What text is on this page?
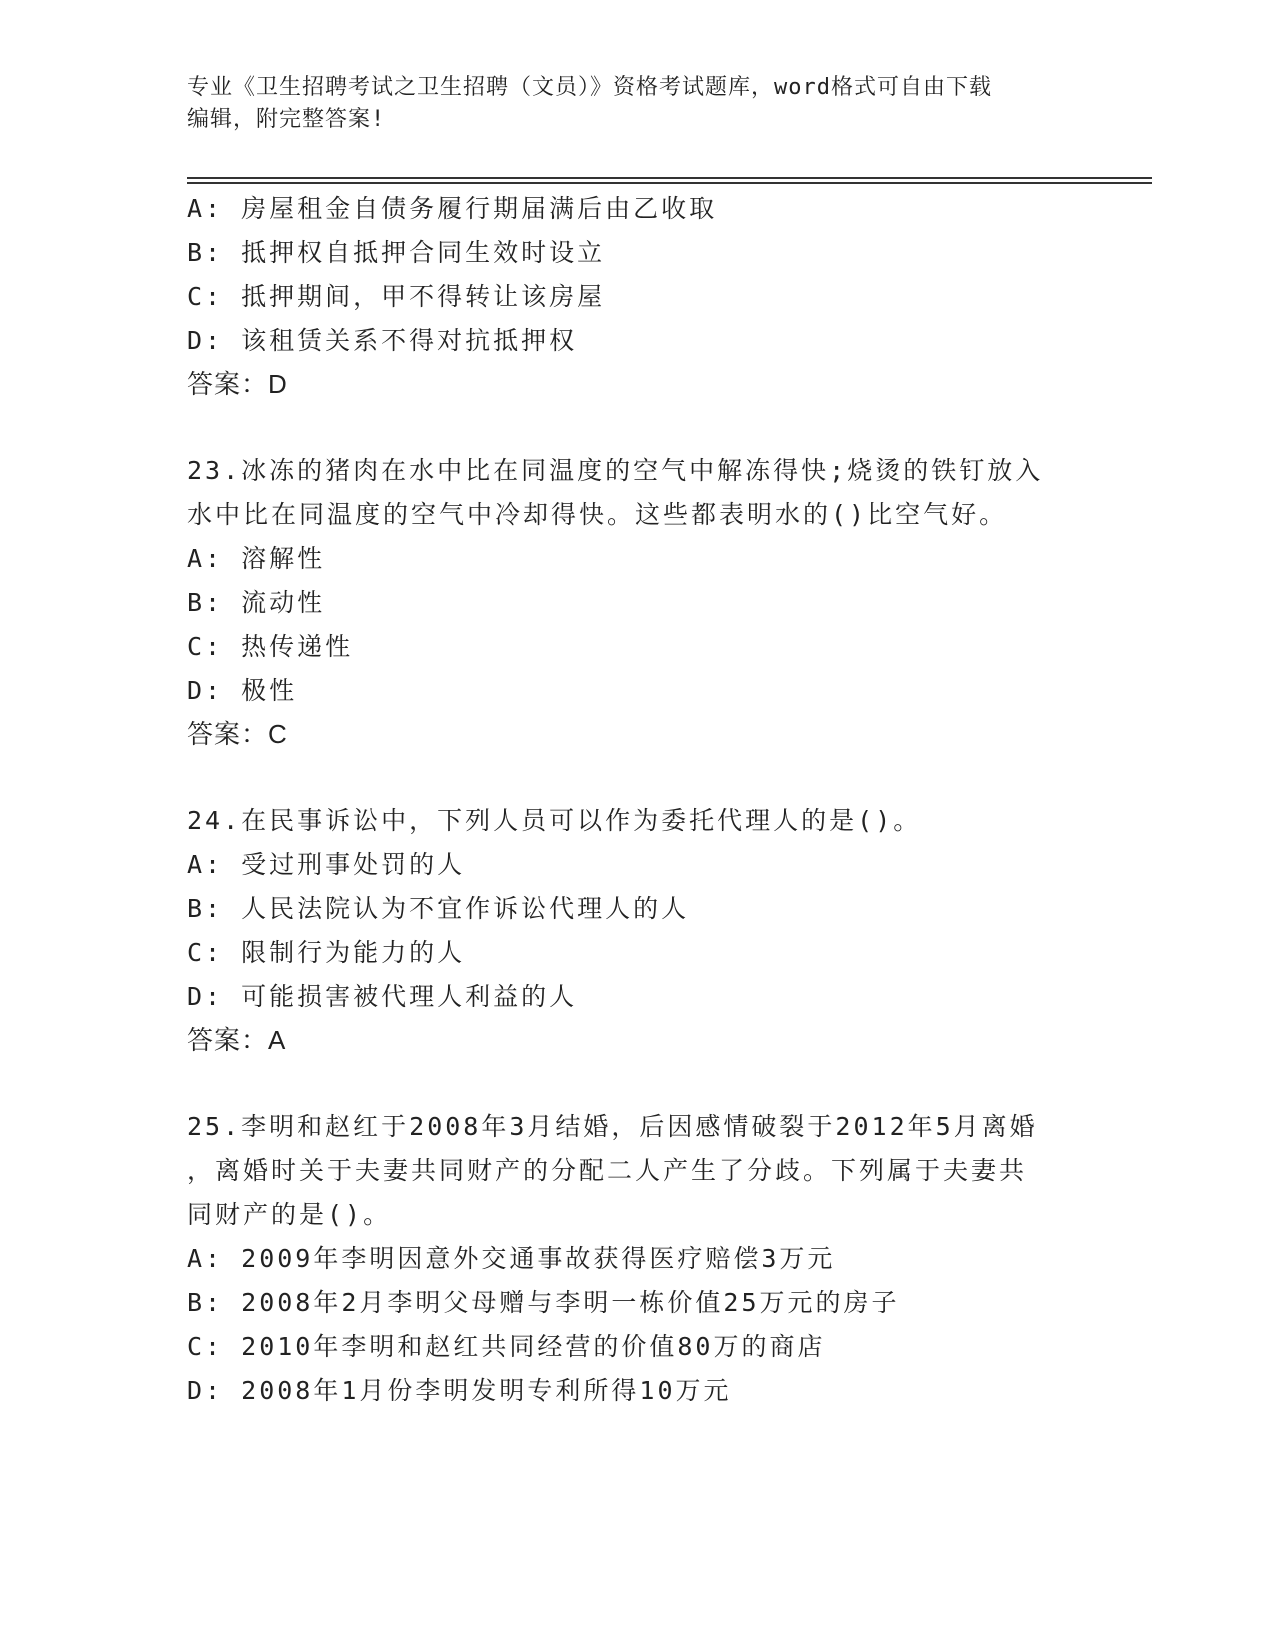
专业《卫生招聘考试之卫生招聘（文员）》资格考试题库，word格式可自由下载
编辑，附完整答案!
A: 房屋租金自债务履行期届满后由乙收取
B: 抵押权自抵押合同生效时设立
C: 抵押期间，甲不得转让该房屋
D: 该租赁关系不得对抗抵押权
答案：D
23.冰冻的猪肉在水中比在同温度的空气中解冻得快;烧烫的铁钉放入
水中比在同温度的空气中冷却得快。这些都表明水的()比空气好。
A: 溶解性
B: 流动性
C: 热传递性
D: 极性
答案：C
24.在民事诉讼中，下列人员可以作为委托代理人的是()。
A: 受过刑事处罚的人
B: 人民法院认为不宜作诉讼代理人的人
C: 限制行为能力的人
D: 可能损害被代理人利益的人
答案：A
25.李明和赵红于2008年3月结婚，后因感情破裂于2012年5月离婚
，离婚时关于夫妻共同财产的分配二人产生了分歧。下列属于夫妻共
同财产的是()。
A: 2009年李明因意外交通事故获得医疗赔偿3万元
B: 2008年2月李明父母赠与李明一栋价值25万元的房子
C: 2010年李明和赵红共同经营的价值80万的商店
D: 2008年1月份李明发明专利所得10万元
